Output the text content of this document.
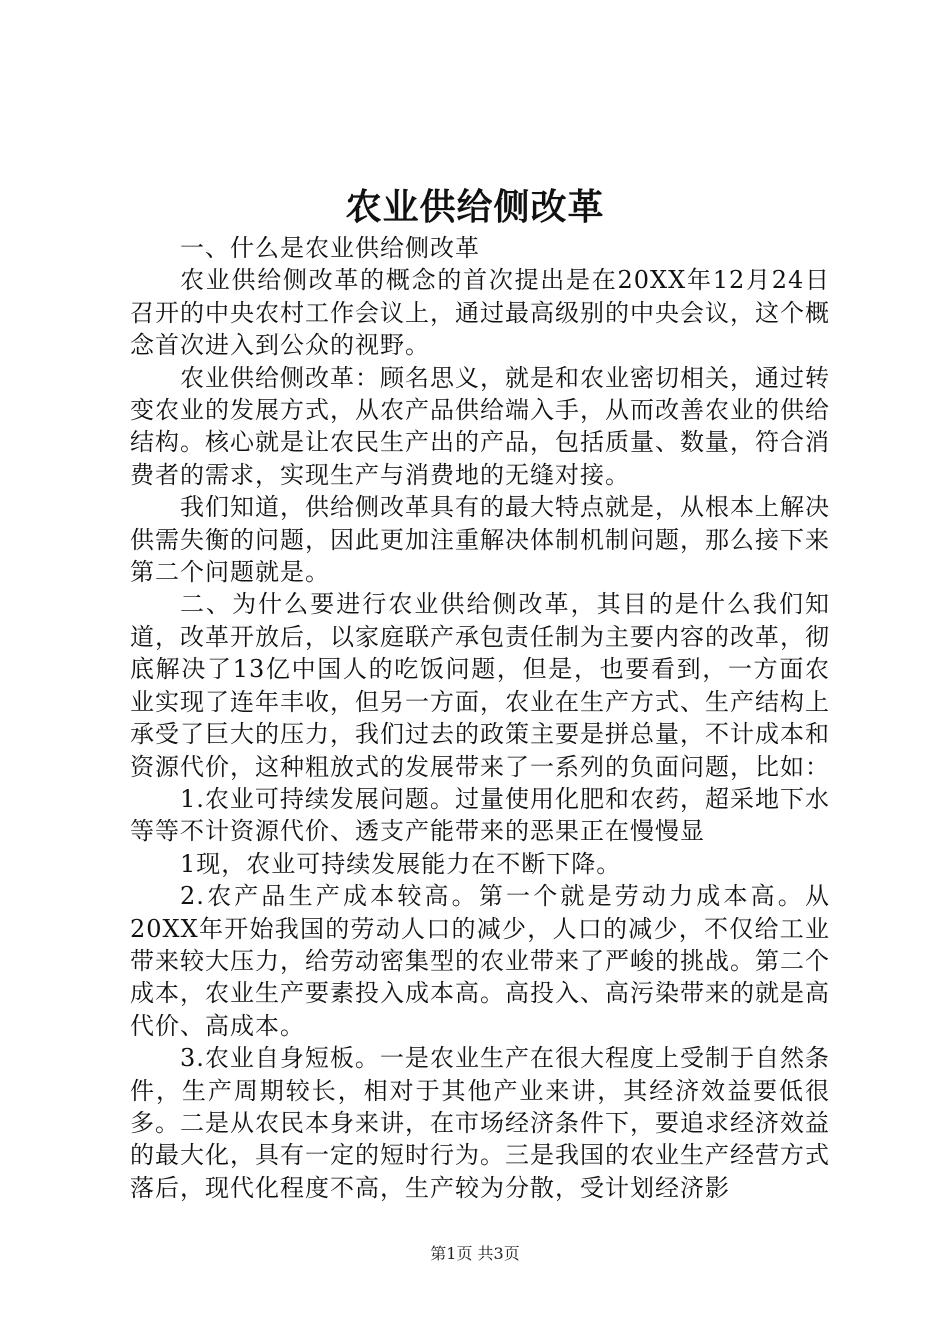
农业供给侧改革

一、什么是农业供给侧改革

农业供给侧改革的概念的首次提出是在20XX年12月24日召开的中央农村工作会议上，通过最高级别的中央会议，这个概念首次进入到公众的视野。

农业供给侧改革：顾名思义，就是和农业密切相关，通过转变农业的发展方式，从农产品供给端入手，从而改善农业的供给结构。核心就是让农民生产出的产品，包括质量、数量，符合消费者的需求，实现生产与消费地的无缝对接。

我们知道，供给侧改革具有的最大特点就是，从根本上解决供需失衡的问题，因此更加注重解决体制机制问题，那么接下来第二个问题就是。

二、为什么要进行农业供给侧改革，其目的是什么我们知道，改革开放后，以家庭联产承包责任制为主要内容的改革，彻底解决了13亿中国人的吃饭问题，但是，也要看到，一方面农业实现了连年丰收，但另一方面，农业在生产方式、生产结构上承受了巨大的压力，我们过去的政策主要是拼总量，不计成本和资源代价，这种粗放式的发展带来了一系列的负面问题，比如：

1.农业可持续发展问题。过量使用化肥和农药，超采地下水等等不计资源代价、透支产能带来的恶果正在慢慢显

1现，农业可持续发展能力在不断下降。

2.农产品生产成本较高。第一个就是劳动力成本高。从20XX年开始我国的劳动人口的减少，人口的减少，不仅给工业带来较大压力，给劳动密集型的农业带来了严峻的挑战。第二个成本，农业生产要素投入成本高。高投入、高污染带来的就是高代价、高成本。

3.农业自身短板。一是农业生产在很大程度上受制于自然条件，生产周期较长，相对于其他产业来讲，其经济效益要低很多。二是从农民本身来讲，在市场经济条件下，要追求经济效益的最大化，具有一定的短时行为。三是我国的农业生产经营方式落后，现代化程度不高，生产较为分散，受计划经济影

第1页 共3页
